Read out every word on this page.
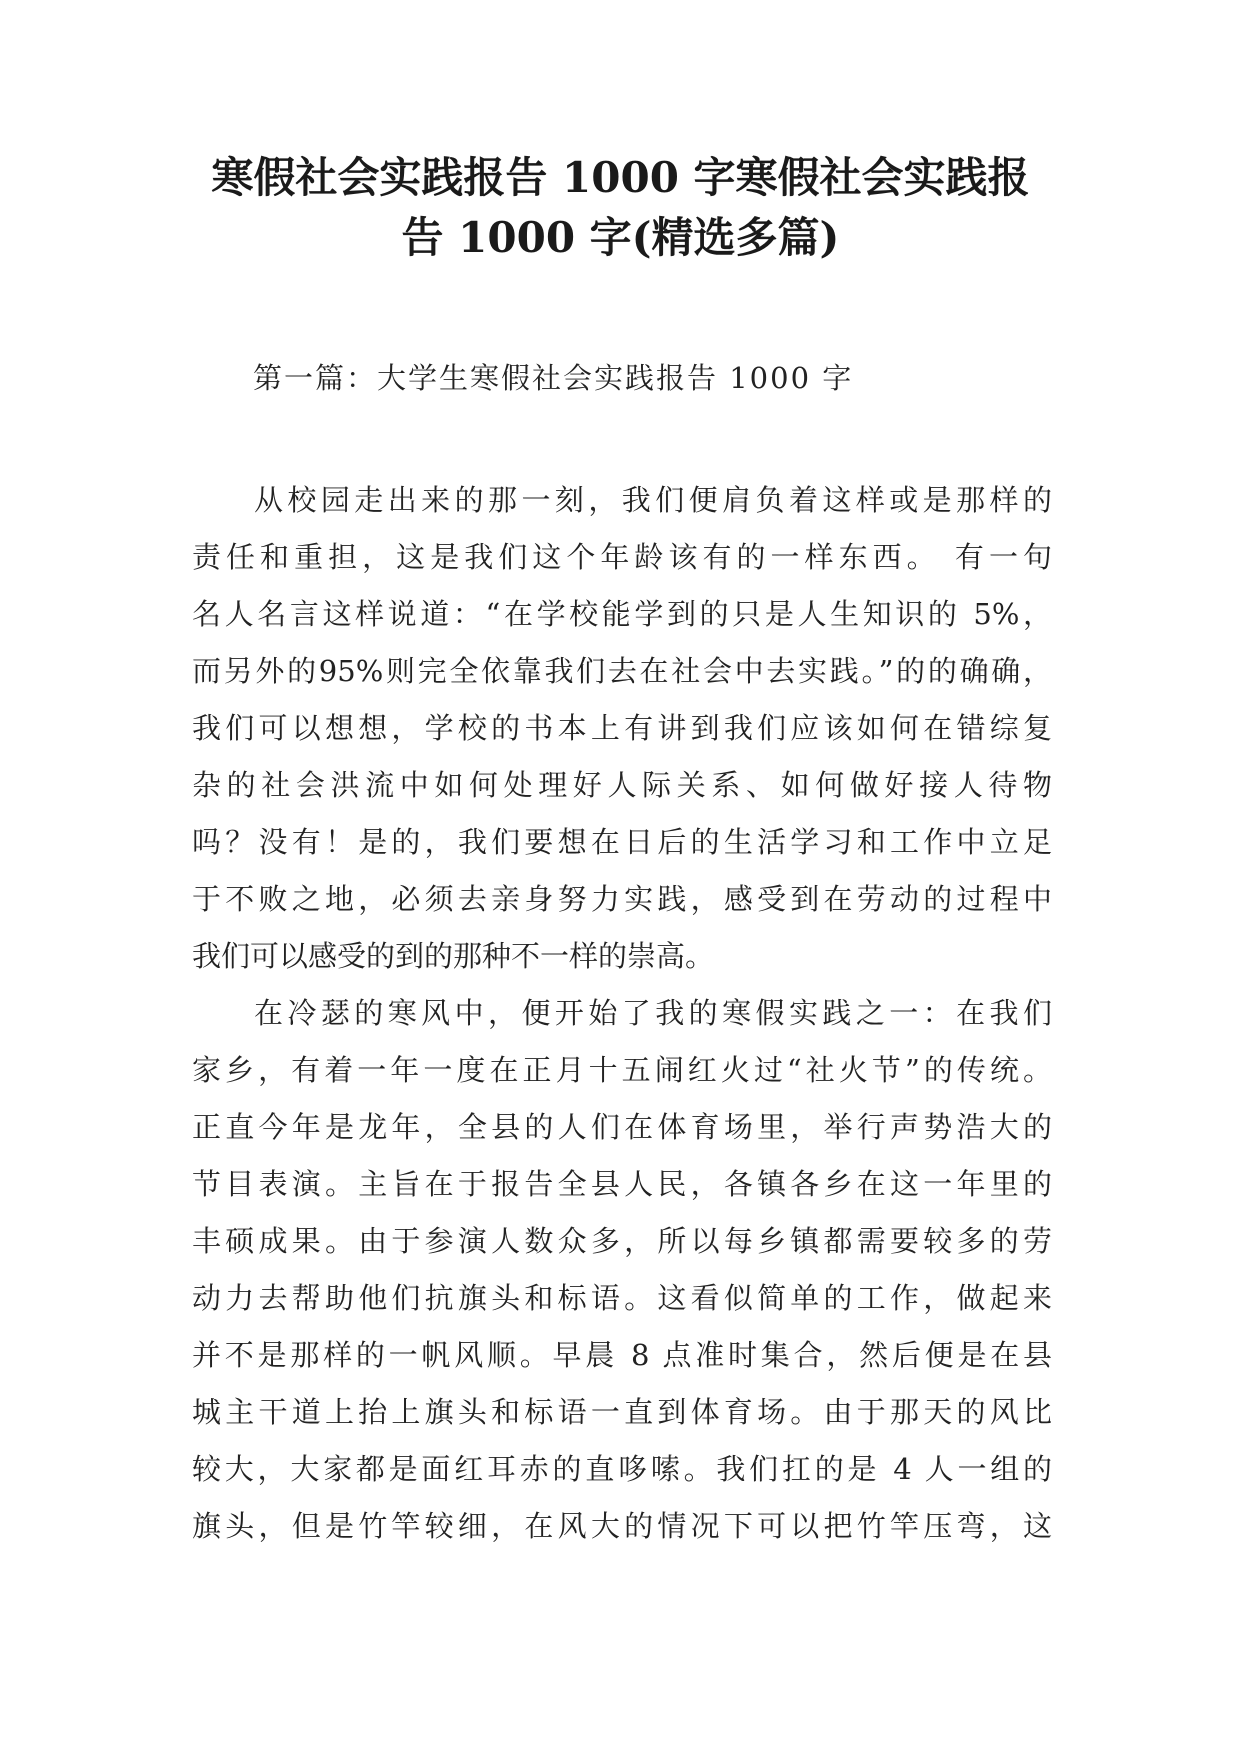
寒假社会实践报告 1000 字寒假社会实践报
告 1000 字(精选多篇)
第一篇：大学生寒假社会实践报告 1000 字
从校园走出来的那一刻，我们便肩负着这样或是那样的
责任和重担，这是我们这个年龄该有的一样东西。 有一句
名人名言这样说道：“在学校能学到的只是人生知识的 5%，
而另外的95%则完全依靠我们去在社会中去实践。”的的确确，
我们可以想想，学校的书本上有讲到我们应该如何在错综复
杂的社会洪流中如何处理好人际关系、如何做好接人待物
吗？没有！是的，我们要想在日后的生活学习和工作中立足
于不败之地，必须去亲身努力实践，感受到在劳动的过程中
我们可以感受的到的那种不一样的崇高。
在冷瑟的寒风中，便开始了我的寒假实践之一：在我们
家乡，有着一年一度在正月十五闹红火过“社火节”的传统。
正直今年是龙年，全县的人们在体育场里，举行声势浩大的
节目表演。主旨在于报告全县人民，各镇各乡在这一年里的
丰硕成果。由于参演人数众多，所以每乡镇都需要较多的劳
动力去帮助他们抗旗头和标语。这看似简单的工作，做起来
并不是那样的一帆风顺。早晨 8 点准时集合，然后便是在县
城主干道上抬上旗头和标语一直到体育场。由于那天的风比
较大，大家都是面红耳赤的直哆嗦。我们扛的是 4 人一组的
旗头，但是竹竿较细，在风大的情况下可以把竹竿压弯，这
